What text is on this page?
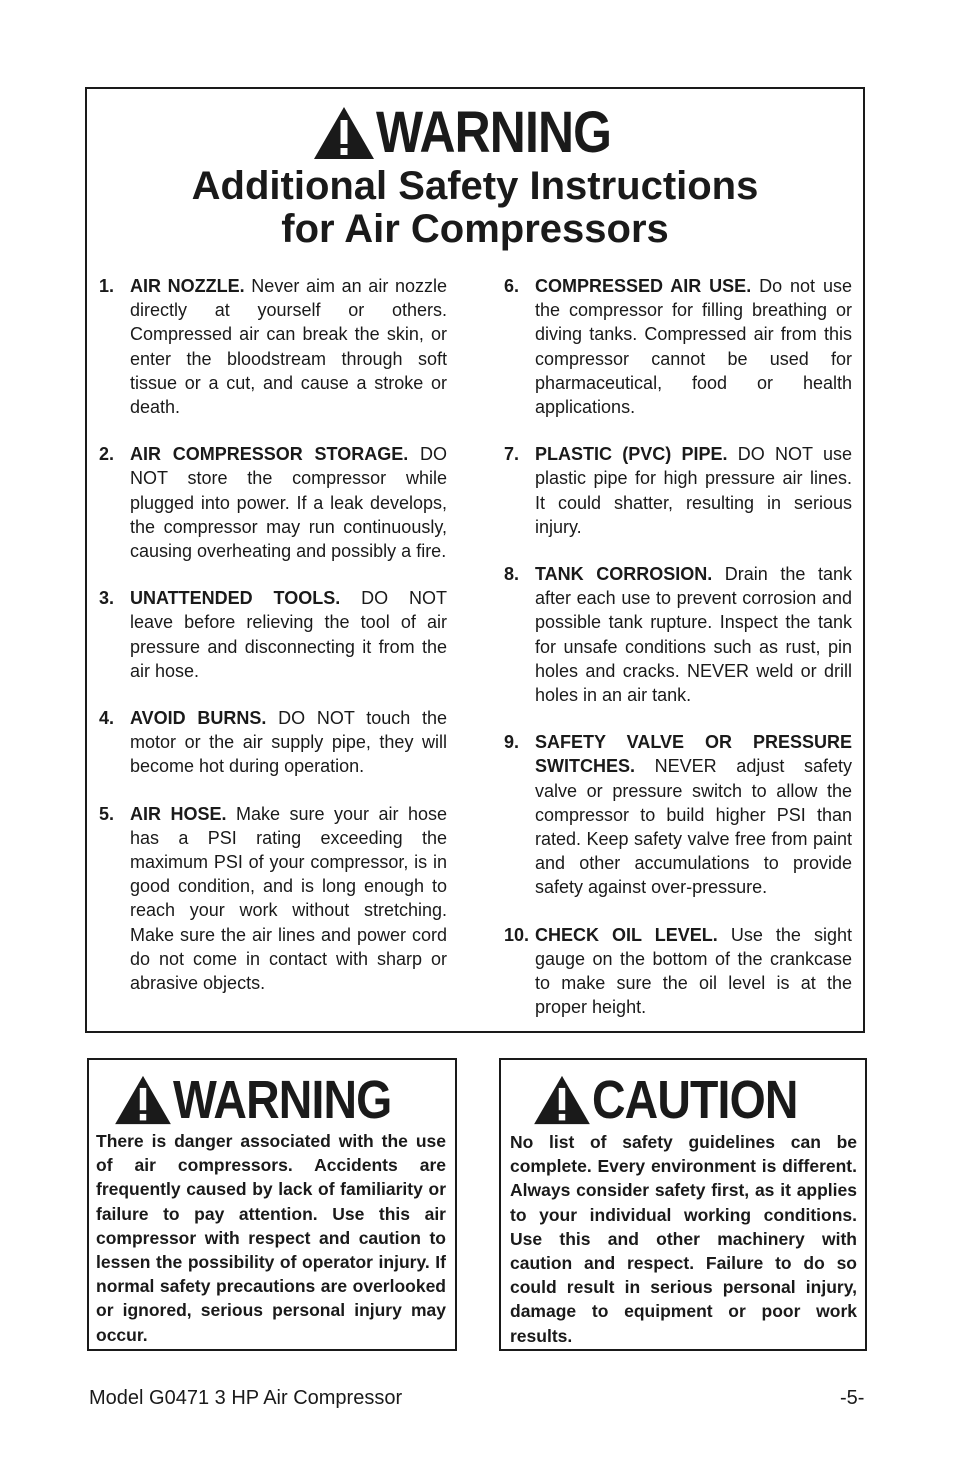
WARNING
Additional Safety Instructions
for Air Compressors
1. AIR NOZZLE. Never aim an air nozzle directly at yourself or others. Compressed air can break the skin, or enter the bloodstream through soft tissue or a cut, and cause a stroke or death.
2. AIR COMPRESSOR STORAGE. DO NOT store the compressor while plugged into power. If a leak develops, the compressor may run continuously, causing overheating and possibly a fire.
3. UNATTENDED TOOLS. DO NOT leave before relieving the tool of air pressure and disconnecting it from the air hose.
4. AVOID BURNS. DO NOT touch the motor or the air supply pipe, they will become hot during operation.
5. AIR HOSE. Make sure your air hose has a PSI rating exceeding the maximum PSI of your compressor, is in good condition, and is long enough to reach your work without stretching. Make sure the air lines and power cord do not come in contact with sharp or abrasive objects.
6. COMPRESSED AIR USE. Do not use the compressor for filling breathing or diving tanks. Compressed air from this compressor cannot be used for pharmaceutical, food or health applications.
7. PLASTIC (PVC) PIPE. DO NOT use plastic pipe for high pressure air lines. It could shatter, resulting in serious injury.
8. TANK CORROSION. Drain the tank after each use to prevent corrosion and possible tank rupture. Inspect the tank for unsafe conditions such as rust, pin holes and cracks. NEVER weld or drill holes in an air tank.
9. SAFETY VALVE OR PRESSURE SWITCHES. NEVER adjust safety valve or pressure switch to allow the compressor to build higher PSI than rated. Keep safety valve free from paint and other accumulations to provide safety against over-pressure.
10. CHECK OIL LEVEL. Use the sight gauge on the bottom of the crankcase to make sure the oil level is at the proper height.
WARNING
There is danger associated with the use of air compressors. Accidents are frequently caused by lack of familiarity or failure to pay attention. Use this air compressor with respect and caution to lessen the possibility of operator injury. If normal safety precautions are overlooked or ignored, serious personal injury may occur.
CAUTION
No list of safety guidelines can be complete. Every environment is different. Always consider safety first, as it applies to your individual working conditions. Use this and other machinery with caution and respect. Failure to do so could result in serious personal injury, damage to equipment or poor work results.
Model G0471 3 HP Air Compressor	-5-
